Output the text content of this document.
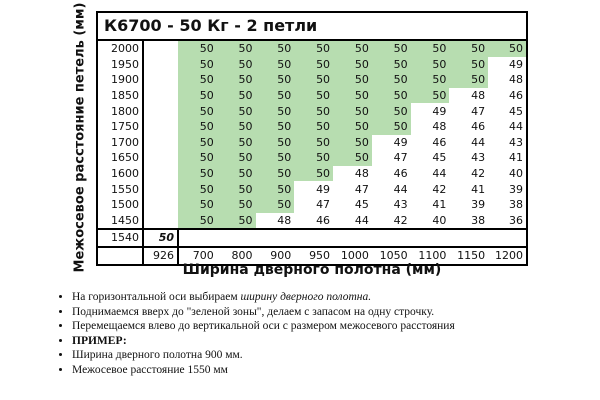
Межосевое расстояние петель (мм) К6700 - 50 Кг - 2 петли										
2000		50	50	50	50	50	50	50	50	50
1950		50	50	50	50	50	50	50	50	49
1900		50	50	50	50	50	50	50	50	48
1850		50	50	50	50	50	50	50	48	46
1800		50	50	50	50	50	50	49	47	45
1750		50	50	50	50	50	50	48	46	44
1700		50	50	50	50	50	49	46	44	43
1650		50	50	50	50	50	47	45	43	41
1600		50	50	50	50	48	46	44	42	40
1550		50	50	50	49	47	44	42	41	39
1500		50	50	50	47	45	43	41	39	38
1450		50	50	48	46	44	42	40	38	36
1540	50									
	926	700	800	900	950	1000	1050	1100	1150	1200
Ширина дверного полотна (мм)
• На горизонтальной оси выбираем ширину дверного полотна.
• Поднимаемся вверх до "зеленой зоны", делаем с запасом на одну строчку.
• Перемещаемся влево до вертикальной оси с размером межосевого расстояния
• ПРИМЕР:
• Ширина дверного полотна 900 мм.
• Межосевое расстояние 1550 мм
